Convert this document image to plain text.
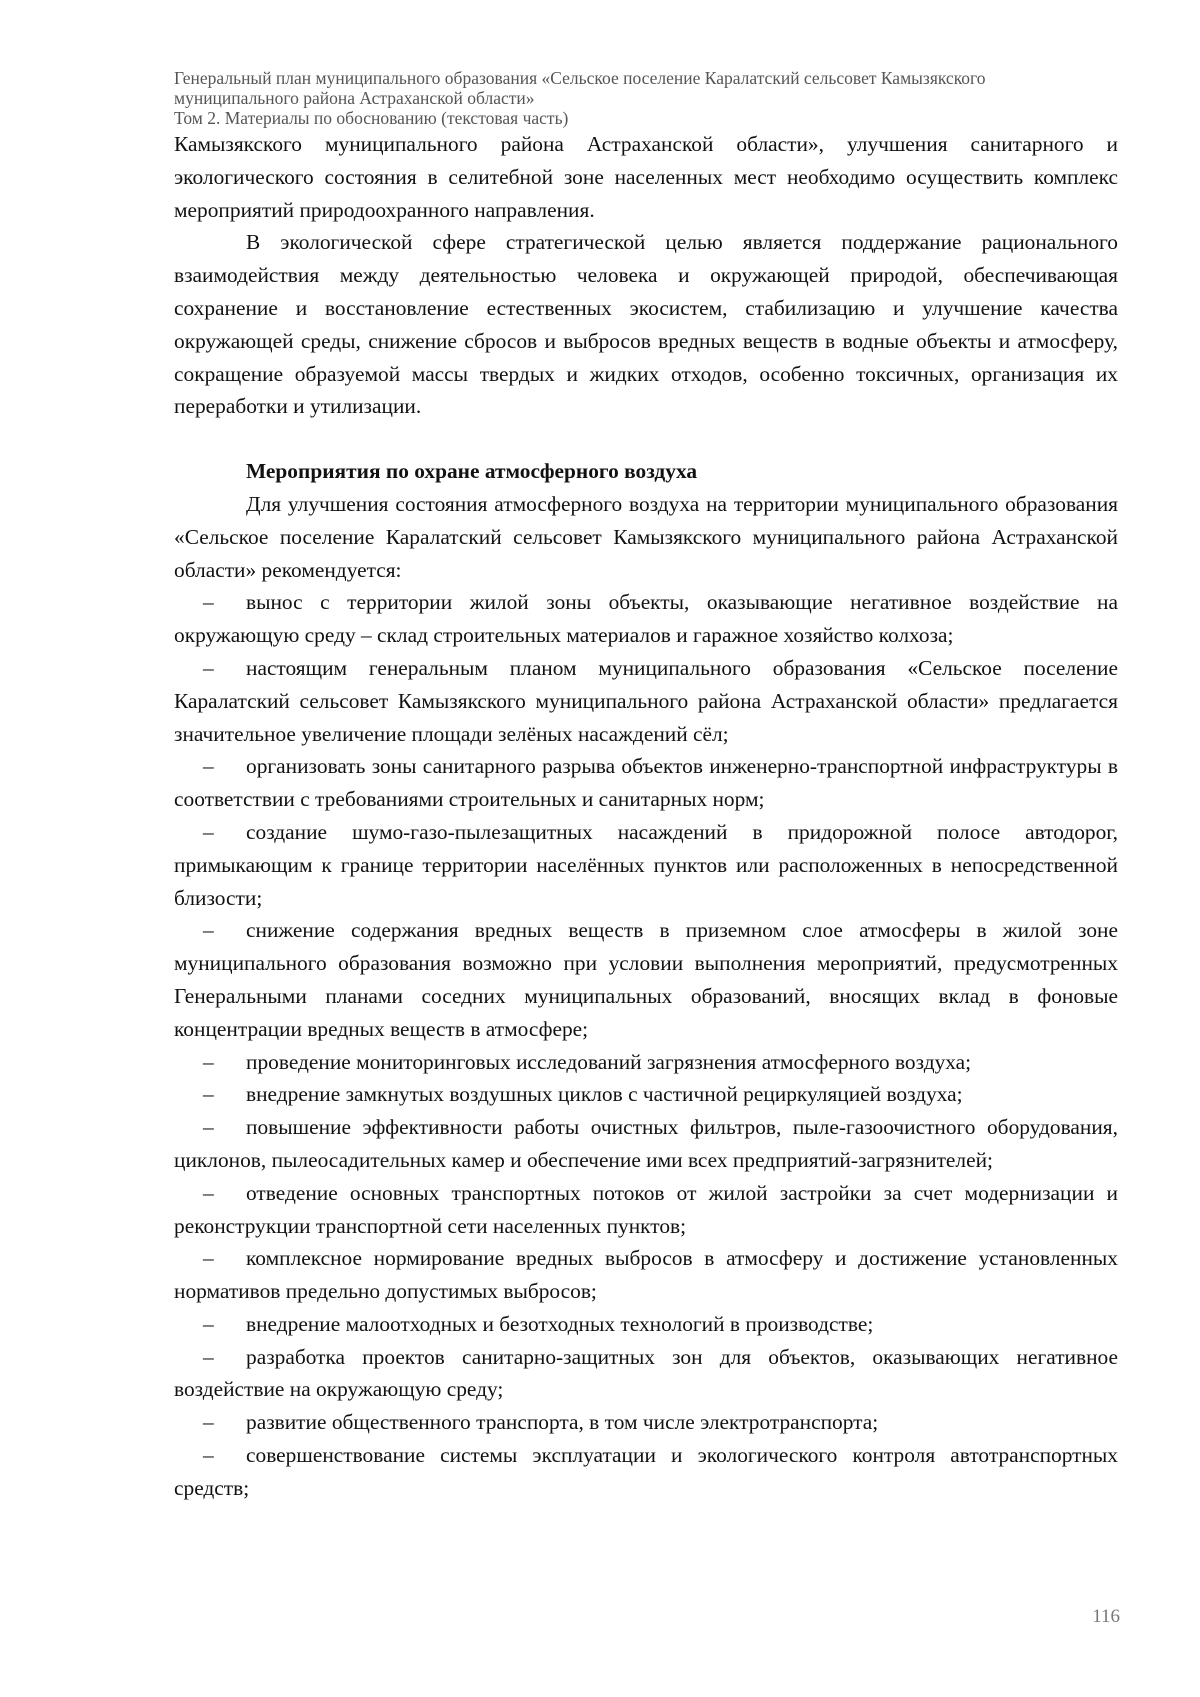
Генеральный план муниципального образования «Сельское поселение Каралатский сельсовет Камызякского
муниципального района Астраханской области»
Том 2. Материалы по обоснованию (текстовая часть)

Камызякского муниципального района Астраханской области», улучшения санитарного и экологического состояния в селитебной зоне населенных мест необходимо осуществить комплекс мероприятий природоохранного направления.

В экологической сфере стратегической целью является поддержание рационального взаимодействия между деятельностью человека и окружающей природой, обеспечивающая сохранение и восстановление естественных экосистем, стабилизацию и улучшение качества окружающей среды, снижение сбросов и выбросов вредных веществ в водные объекты и атмосферу, сокращение образуемой массы твердых и жидких отходов, особенно токсичных, организация их переработки и утилизации.

Мероприятия по охране атмосферного воздуха

Для улучшения состояния атмосферного воздуха на территории муниципального образования «Сельское поселение Каралатский сельсовет Камызякского муниципального района Астраханской области» рекомендуется:

– вынос с территории жилой зоны объекты, оказывающие негативное воздействие на окружающую среду – склад строительных материалов и гаражное хозяйство колхоза;

– настоящим генеральным планом муниципального образования «Сельское поселение Каралатский сельсовет Камызякского муниципального района Астраханской области» предлагается значительное увеличение площади зелёных насаждений сёл;

– организовать зоны санитарного разрыва объектов инженерно-транспортной инфраструктуры в соответствии с требованиями строительных и санитарных норм;

– создание шумо-газо-пылезащитных насаждений в придорожной полосе автодорог, примыкающим к границе территории населённых пунктов или расположенных в непосредственной близости;

– снижение содержания вредных веществ в приземном слое атмосферы в жилой зоне муниципального образования возможно при условии выполнения мероприятий, предусмотренных Генеральными планами соседних муниципальных образований, вносящих вклад в фоновые концентрации вредных веществ в атмосфере;

– проведение мониторинговых исследований загрязнения атмосферного воздуха;

– внедрение замкнутых воздушных циклов с частичной рециркуляцией воздуха;

– повышение эффективности работы очистных фильтров, пыле-газоочистного оборудования, циклонов, пылеосадительных камер и обеспечение ими всех предприятий-загрязнителей;

– отведение основных транспортных потоков от жилой застройки за счет модернизации и реконструкции транспортной сети населенных пунктов;

– комплексное нормирование вредных выбросов в атмосферу и достижение установленных нормативов предельно допустимых выбросов;

– внедрение малоотходных и безотходных технологий в производстве;

– разработка проектов санитарно-защитных зон для объектов, оказывающих негативное воздействие на окружающую среду;

– развитие общественного транспорта, в том числе электротранспорта;

– совершенствование системы эксплуатации и экологического контроля автотранспортных средств;

116
